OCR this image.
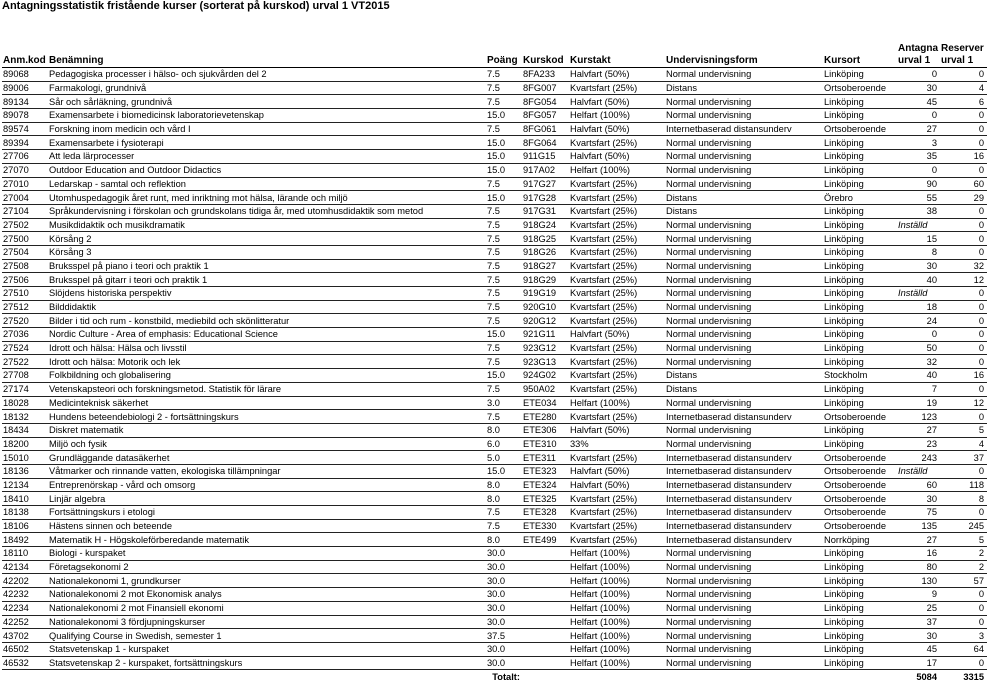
Antagningsstatistik fristående kurser (sorterat på kurskod) urval 1 VT2015
Anm.kod	Benämning	Poäng	Kurskod	Kurstakt	Undervisningsform	Kursort	Antagna urval 1	Reserver urval 1
89068	Pedagogiska processer i hälso- och sjukvården del 2	7.5	8FA233	Halvfart (50%)	Normal undervisning	Linköping	0	0
89006	Farmakologi, grundnivå	7.5	8FG007	Kvartsfart (25%)	Distans	Ortsoberoende	30	4
89134	Sår och sårläkning, grundnivå	7.5	8FG054	Halvfart (50%)	Normal undervisning	Linköping	45	6
89078	Examensarbete i biomedicinsk laboratorievetenskap	15.0	8FG057	Helfart (100%)	Normal undervisning	Linköping	0	0
89574	Forskning inom medicin och vård I	7.5	8FG061	Halvfart (50%)	Internetbaserad distansunderv	Ortsoberoende	27	0
89394	Examensarbete i fysioterapi	15.0	8FG064	Kvartsfart (25%)	Normal undervisning	Linköping	3	0
27706	Att leda lärprocesser	15.0	911G15	Halvfart (50%)	Normal undervisning	Linköping	35	16
27070	Outdoor Education and Outdoor Didactics	15.0	917A02	Helfart (100%)	Normal undervisning	Linköping	0	0
27010	Ledarskap - samtal och reflektion	7.5	917G27	Kvartsfart (25%)	Normal undervisning	Linköping	90	60
27004	Utomhuspedagogik året runt, med inriktning mot hälsa, lärande och miljö	15.0	917G28	Kvartsfart (25%)	Distans	Örebro	55	29
27104	Språkundervisning i förskolan och grundskolans tidiga år, med utomhusdidaktik som metod	7.5	917G31	Kvartsfart (25%)	Distans	Linköping	38	0
27502	Musikdidaktik och musikdramatik	7.5	918G24	Kvartsfart (25%)	Normal undervisning	Linköping	Inställd	0
27500	Körsång 2	7.5	918G25	Kvartsfart (25%)	Normal undervisning	Linköping	15	0
27504	Körsång 3	7.5	918G26	Kvartsfart (25%)	Normal undervisning	Linköping	8	0
27508	Bruksspel på piano i teori och praktik 1	7.5	918G27	Kvartsfart (25%)	Normal undervisning	Linköping	30	32
27506	Bruksspel på gitarr i teori och praktik 1	7.5	918G29	Kvartsfart (25%)	Normal undervisning	Linköping	40	12
27510	Slöjdens historiska perspektiv	7.5	919G19	Kvartsfart (25%)	Normal undervisning	Linköping	Inställd	0
27512	Bilddidaktik	7.5	920G10	Kvartsfart (25%)	Normal undervisning	Linköping	18	0
27520	Bilder i tid och rum - konstbild, mediebild och skönlitteratur	7.5	920G12	Kvartsfart (25%)	Normal undervisning	Linköping	24	0
27036	Nordic Culture - Area of emphasis: Educational Science	15.0	921G11	Halvfart (50%)	Normal undervisning	Linköping	0	0
27524	Idrott och hälsa: Hälsa och livsstil	7.5	923G12	Kvartsfart (25%)	Normal undervisning	Linköping	50	0
27522	Idrott och hälsa: Motorik och lek	7.5	923G13	Kvartsfart (25%)	Normal undervisning	Linköping	32	0
27708	Folkbildning och globalisering	15.0	924G02	Kvartsfart (25%)	Distans	Stockholm	40	16
27174	Vetenskapsteori och forskningsmetod. Statistik för lärare	7.5	950A02	Kvartsfart (25%)	Distans	Linköping	7	0
18028	Medicinteknisk säkerhet	3.0	ETE034	Helfart (100%)	Normal undervisning	Linköping	19	12
18132	Hundens beteendebiologi 2 - fortsättningskurs	7.5	ETE280	Kvartsfart (25%)	Internetbaserad distansunderv	Ortsoberoende	123	0
18434	Diskret matematik	8.0	ETE306	Halvfart (50%)	Normal undervisning	Linköping	27	5
18200	Miljö och fysik	6.0	ETE310	33%	Normal undervisning	Linköping	23	4
15010	Grundläggande datasäkerhet	5.0	ETE311	Kvartsfart (25%)	Internetbaserad distansunderv	Ortsoberoende	243	37
18136	Våtmarker och rinnande vatten, ekologiska tillämpningar	15.0	ETE323	Halvfart (50%)	Internetbaserad distansunderv	Ortsoberoende	Inställd	0
12134	Entreprenörskap - vård och omsorg	8.0	ETE324	Halvfart (50%)	Internetbaserad distansunderv	Ortsoberoende	60	118
18410	Linjär algebra	8.0	ETE325	Kvartsfart (25%)	Internetbaserad distansunderv	Ortsoberoende	30	8
18138	Fortsättningskurs i etologi	7.5	ETE328	Kvartsfart (25%)	Internetbaserad distansunderv	Ortsoberoende	75	0
18106	Hästens sinnen och beteende	7.5	ETE330	Kvartsfart (25%)	Internetbaserad distansunderv	Ortsoberoende	135	245
18492	Matematik H - Högskoleförberedande matematik	8.0	ETE499	Kvartsfart (25%)	Internetbaserad distansunderv	Norrköping	27	5
18110	Biologi - kurspaket	30.0		Helfart (100%)	Normal undervisning	Linköping	16	2
42134	Företagsekonomi 2	30.0		Helfart (100%)	Normal undervisning	Linköping	80	2
42202	Nationalekonomi 1, grundkurser	30.0		Helfart (100%)	Normal undervisning	Linköping	130	57
42232	Nationalekonomi 2 mot Ekonomisk analys	30.0		Helfart (100%)	Normal undervisning	Linköping	9	0
42234	Nationalekonomi 2 mot Finansiell ekonomi	30.0		Helfart (100%)	Normal undervisning	Linköping	25	0
42252	Nationalekonomi 3 fördjupningskurser	30.0		Helfart (100%)	Normal undervisning	Linköping	37	0
43702	Qualifying Course in Swedish, semester 1	37.5		Helfart (100%)	Normal undervisning	Linköping	30	3
46502	Statsvetenskap 1 - kurspaket	30.0		Helfart (100%)	Normal undervisning	Linköping	45	64
46532	Statsvetenskap 2 - kurspaket, fortsättningskurs	30.0		Helfart (100%)	Normal undervisning	Linköping	17	0
		Totalt:					5084	3315
